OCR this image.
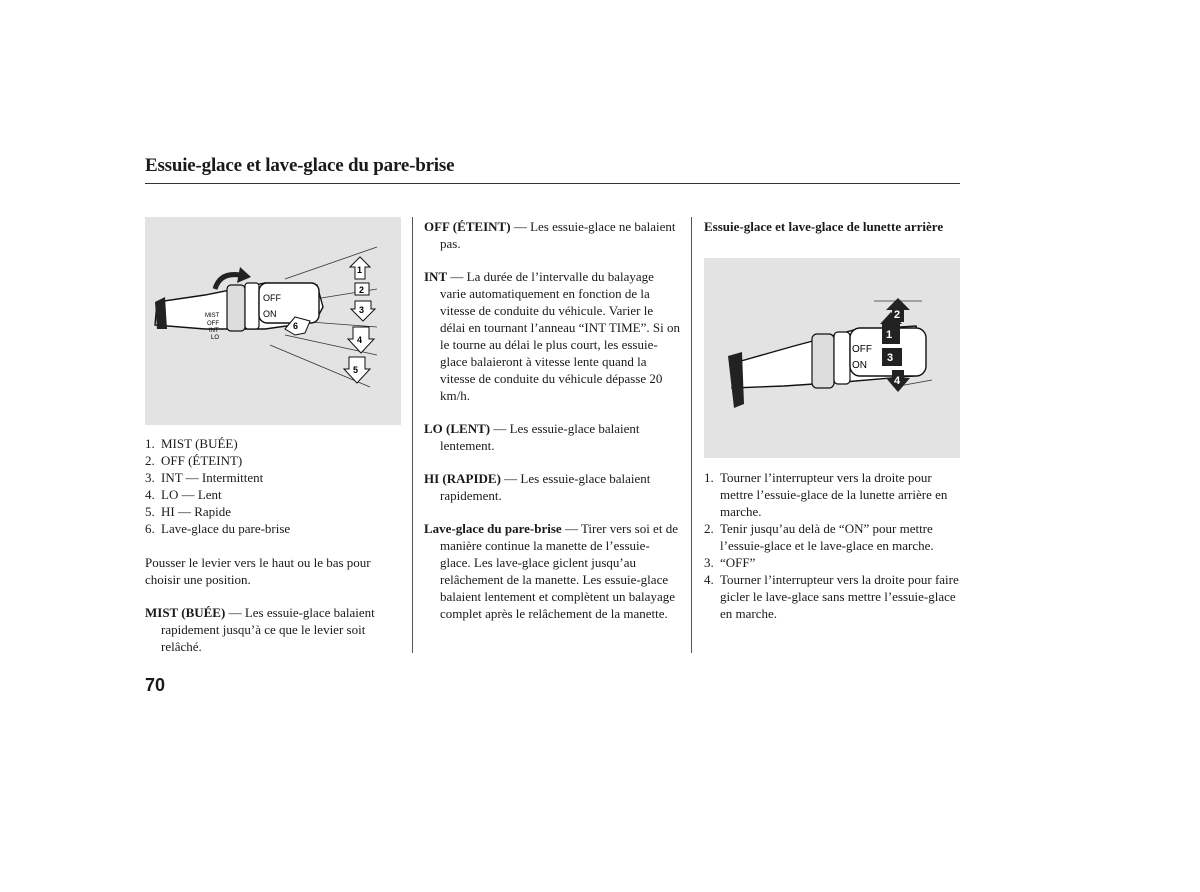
Essuie-glace et lave-glace du pare-brise
MIST
OFF
INT
LO
OFF
ON
1
2
3
4
5
6
1. MIST (BUÉE)
2. OFF (ÉTEINT)
3. INT — Intermittent
4. LO — Lent
5. HI — Rapide
6. Lave-glace du pare-brise

Pousser le levier vers le haut ou le bas pour choisir une position.

MIST (BUÉE) — Les essuie-glace balaient rapidement jusqu’à ce que le levier soit relâché.

OFF (ÉTEINT) — Les essuie-glace ne balaient pas.

INT — La durée de l’intervalle du balayage varie automatiquement en fonction de la vitesse de conduite du véhicule. Varier le délai en tournant l’anneau “INT TIME”. Si on le tourne au délai le plus court, les essuie-glace balaieront à vitesse lente quand la vitesse de conduite du véhicule dépasse 20 km/h.

LO (LENT) — Les essuie-glace balaient lentement.

HI (RAPIDE) — Les essuie-glace balaient rapidement.

Lave-glace du pare-brise — Tirer vers soi et de manière continue la manette de l’essuie-glace. Les lave-glace giclent jusqu’au relâchement de la manette. Les essuie-glace balaient lentement et complètent un balayage complet après le relâchement de la manette.

Essuie-glace et lave-glace de lunette arrière

OFF
ON
1
2
3
4
1. Tourner l’interrupteur vers la droite pour mettre l’essuie-glace de la lunette arrière en marche.
2. Tenir jusqu’au delà de “ON” pour mettre l’essuie-glace et le lave-glace en marche.
3. “OFF”
4. Tourner l’interrupteur vers la droite pour faire gicler le lave-glace sans mettre l’essuie-glace en marche.
70
